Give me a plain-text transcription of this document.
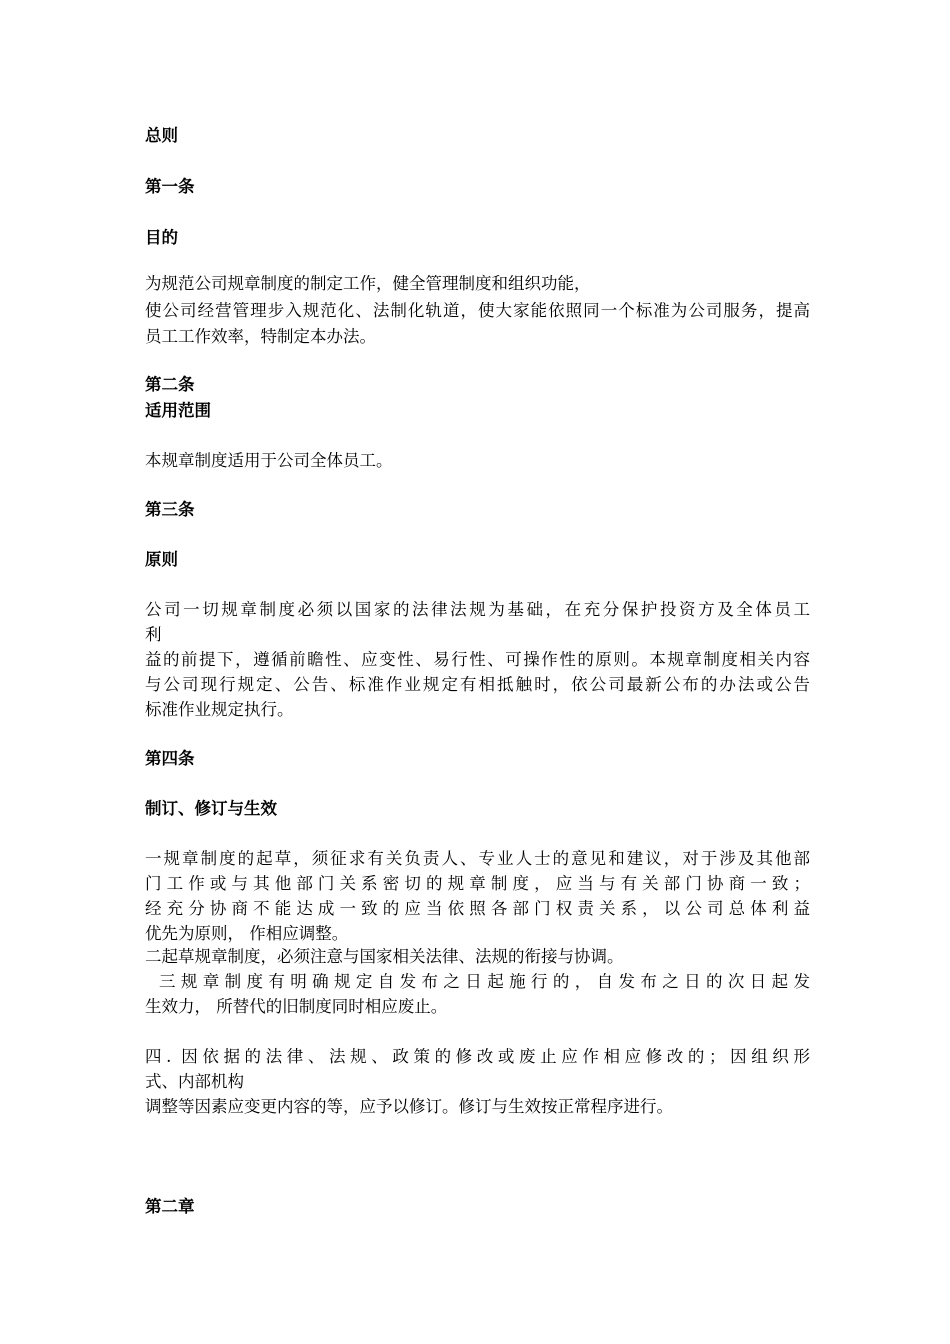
总则
第一条
目的
为规范公司规章制度的制定工作，健全管理制度和组织功能，
使公司经营管理步入规范化、法制化轨道，使大家能依照同一个标准为公司服务，提高
员工工作效率，特制定本办法。
第二条
适用范围
本规章制度适用于公司全体员工。
第三条
原则
公司一切规章制度必须以国家的法律法规为基础，在充分保护投资方及全体员工
利
益的前提下，遵循前瞻性、应变性、易行性、可操作性的原则。本规章制度相关内容
与公司现行规定、公告、标准作业规定有相抵触时，依公司最新公布的办法或公告
标准作业规定执行。
第四条
制订、修订与生效
一规章制度的起草，须征求有关负责人、专业人士的意见和建议，对于涉及其他部
门工作或与其他部门关系密切的规章制度，应当与有关部门协商一致；
经充分协商不能达成一致的应当依照各部门权责关系，以公司总体利益
优先为原则， 作相应调整。
二起草规章制度，必须注意与国家相关法律、法规的衔接与协调。
三规章制度有明确规定自发布之日起施行的，自发布之日的次日起发
生效力， 所替代的旧制度同时相应废止。
四. 因依据的法律、法规、政策的修改或废止应作相应修改的；因组织形
式、内部机构
调整等因素应变更内容的等，应予以修订。修订与生效按正常程序进行。
第二章
